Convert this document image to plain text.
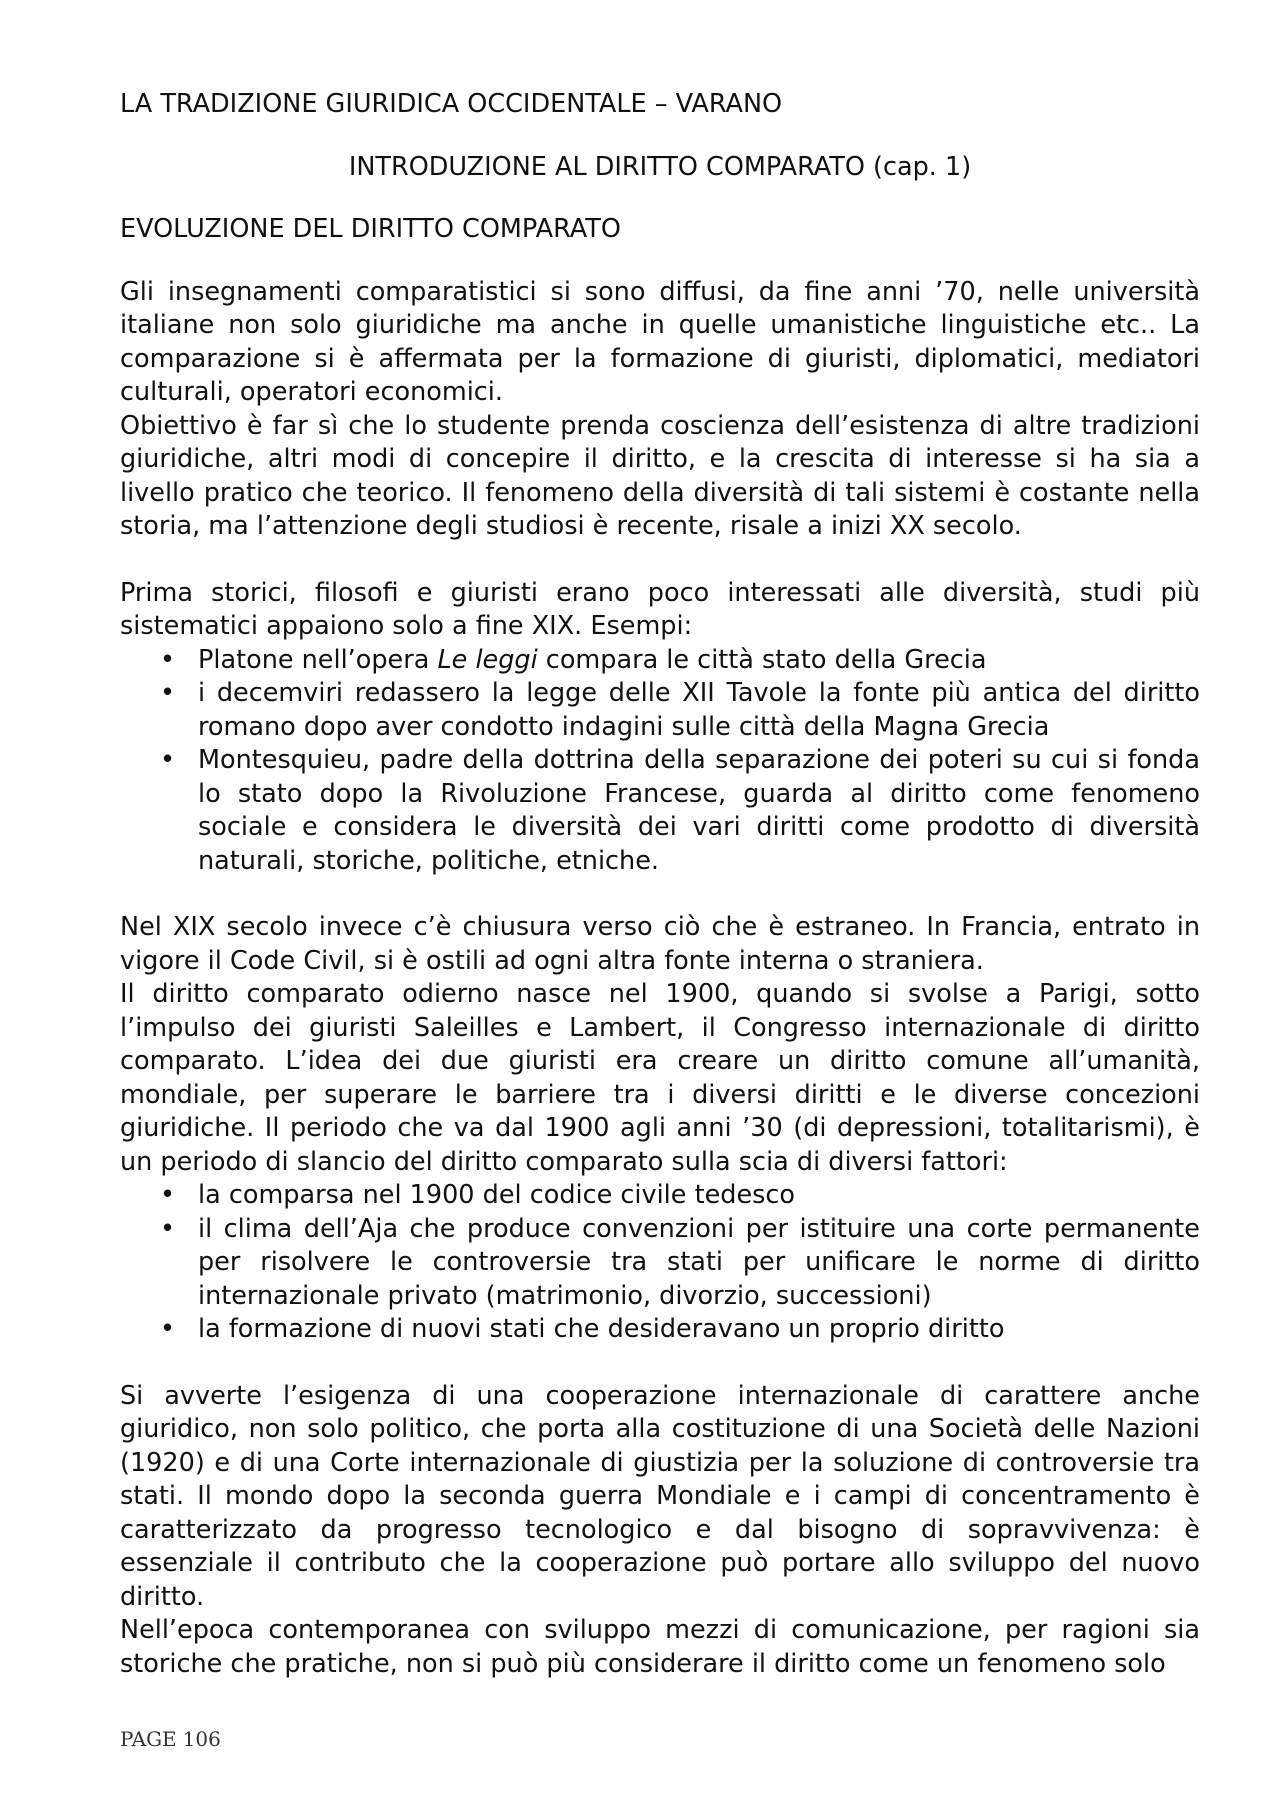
LA TRADIZIONE GIURIDICA OCCIDENTALE – VARANO

INTRODUZIONE AL DIRITTO COMPARATO (cap. 1)

EVOLUZIONE DEL DIRITTO COMPARATO

Gli insegnamenti comparatistici si sono diffusi, da fine anni ’70, nelle università italiane non solo giuridiche ma anche in quelle umanistiche linguistiche etc.. La comparazione si è affermata per la formazione di giuristi, diplomatici, mediatori culturali, operatori economici.

Obiettivo è far sì che lo studente prenda coscienza dell’esistenza di altre tradizioni giuridiche, altri modi di concepire il diritto, e la crescita di interesse si ha sia a livello pratico che teorico. Il fenomeno della diversità di tali sistemi è costante nella storia, ma l’attenzione degli studiosi è recente, risale a inizi XX secolo.

Prima storici, filosofi e giuristi erano poco interessati alle diversità, studi più sistematici appaiono solo a fine XIX. Esempi:

• Platone nell’opera Le leggi compara le città stato della Grecia
• i decemviri redassero la legge delle XII Tavole la fonte più antica del diritto romano dopo aver condotto indagini sulle città della Magna Grecia
• Montesquieu, padre della dottrina della separazione dei poteri su cui si fonda lo stato dopo la Rivoluzione Francese, guarda al diritto come fenomeno sociale e considera le diversità dei vari diritti come prodotto di diversità naturali, storiche, politiche, etniche.

Nel XIX secolo invece c’è chiusura verso ciò che è estraneo. In Francia, entrato in vigore il Code Civil, si è ostili ad ogni altra fonte interna o straniera.

Il diritto comparato odierno nasce nel 1900, quando si svolse a Parigi, sotto l’impulso dei giuristi Saleilles e Lambert, il Congresso internazionale di diritto comparato. L’idea dei due giuristi era creare un diritto comune all’umanità, mondiale, per superare le barriere tra i diversi diritti e le diverse concezioni giuridiche. Il periodo che va dal 1900 agli anni ’30 (di depressioni, totalitarismi), è un periodo di slancio del diritto comparato sulla scia di diversi fattori:

• la comparsa nel 1900 del codice civile tedesco
• il clima dell’Aja che produce convenzioni per istituire una corte permanente per risolvere le controversie tra stati per unificare le norme di diritto internazionale privato (matrimonio, divorzio, successioni)
• la formazione di nuovi stati che desideravano un proprio diritto

Si avverte l’esigenza di una cooperazione internazionale di carattere anche giuridico, non solo politico, che porta alla costituzione di una Società delle Nazioni (1920) e di una Corte internazionale di giustizia per la soluzione di controversie tra stati. Il mondo dopo la seconda guerra Mondiale e i campi di concentramento è caratterizzato da progresso tecnologico e dal bisogno di sopravvivenza: è essenziale il contributo che la cooperazione può portare allo sviluppo del nuovo diritto.

Nell’epoca contemporanea con sviluppo mezzi di comunicazione, per ragioni sia storiche che pratiche, non si può più considerare il diritto come un fenomeno solo

PAGE 106
